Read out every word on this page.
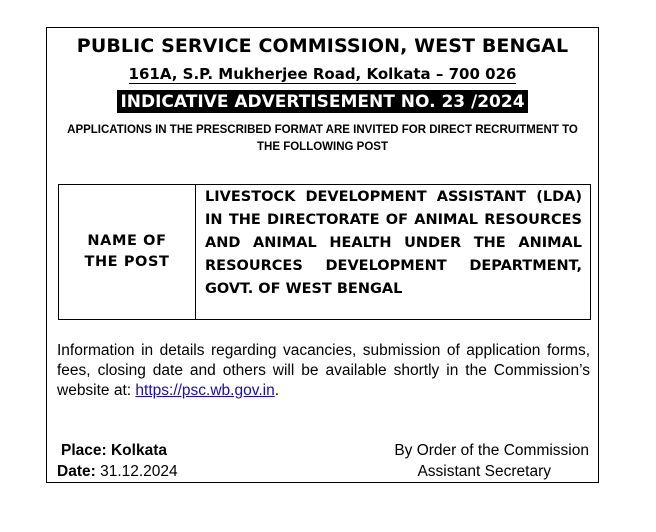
PUBLIC SERVICE COMMISSION, WEST BENGAL
161A, S.P. Mukherjee Road, Kolkata – 700 026
INDICATIVE ADVERTISEMENT NO. 23 /2024
APPLICATIONS IN THE PRESCRIBED FORMAT ARE INVITED FOR DIRECT RECRUITMENT TO
THE FOLLOWING POST
NAME OF
THE POST
	LIVESTOCK DEVELOPMENT ASSISTANT (LDA) IN THE DIRECTORATE OF ANIMAL RESOURCES AND ANIMAL HEALTH UNDER THE ANIMAL RESOURCES DEVELOPMENT DEPARTMENT, GOVT. OF WEST BENGAL
Information in details regarding vacancies, submission of application forms, fees, closing date and others will be available shortly in the Commission’s website at: https://psc.wb.gov.in.
Place: Kolkata
Date: 31.12.2024
By Order of the Commission
Assistant Secretary
